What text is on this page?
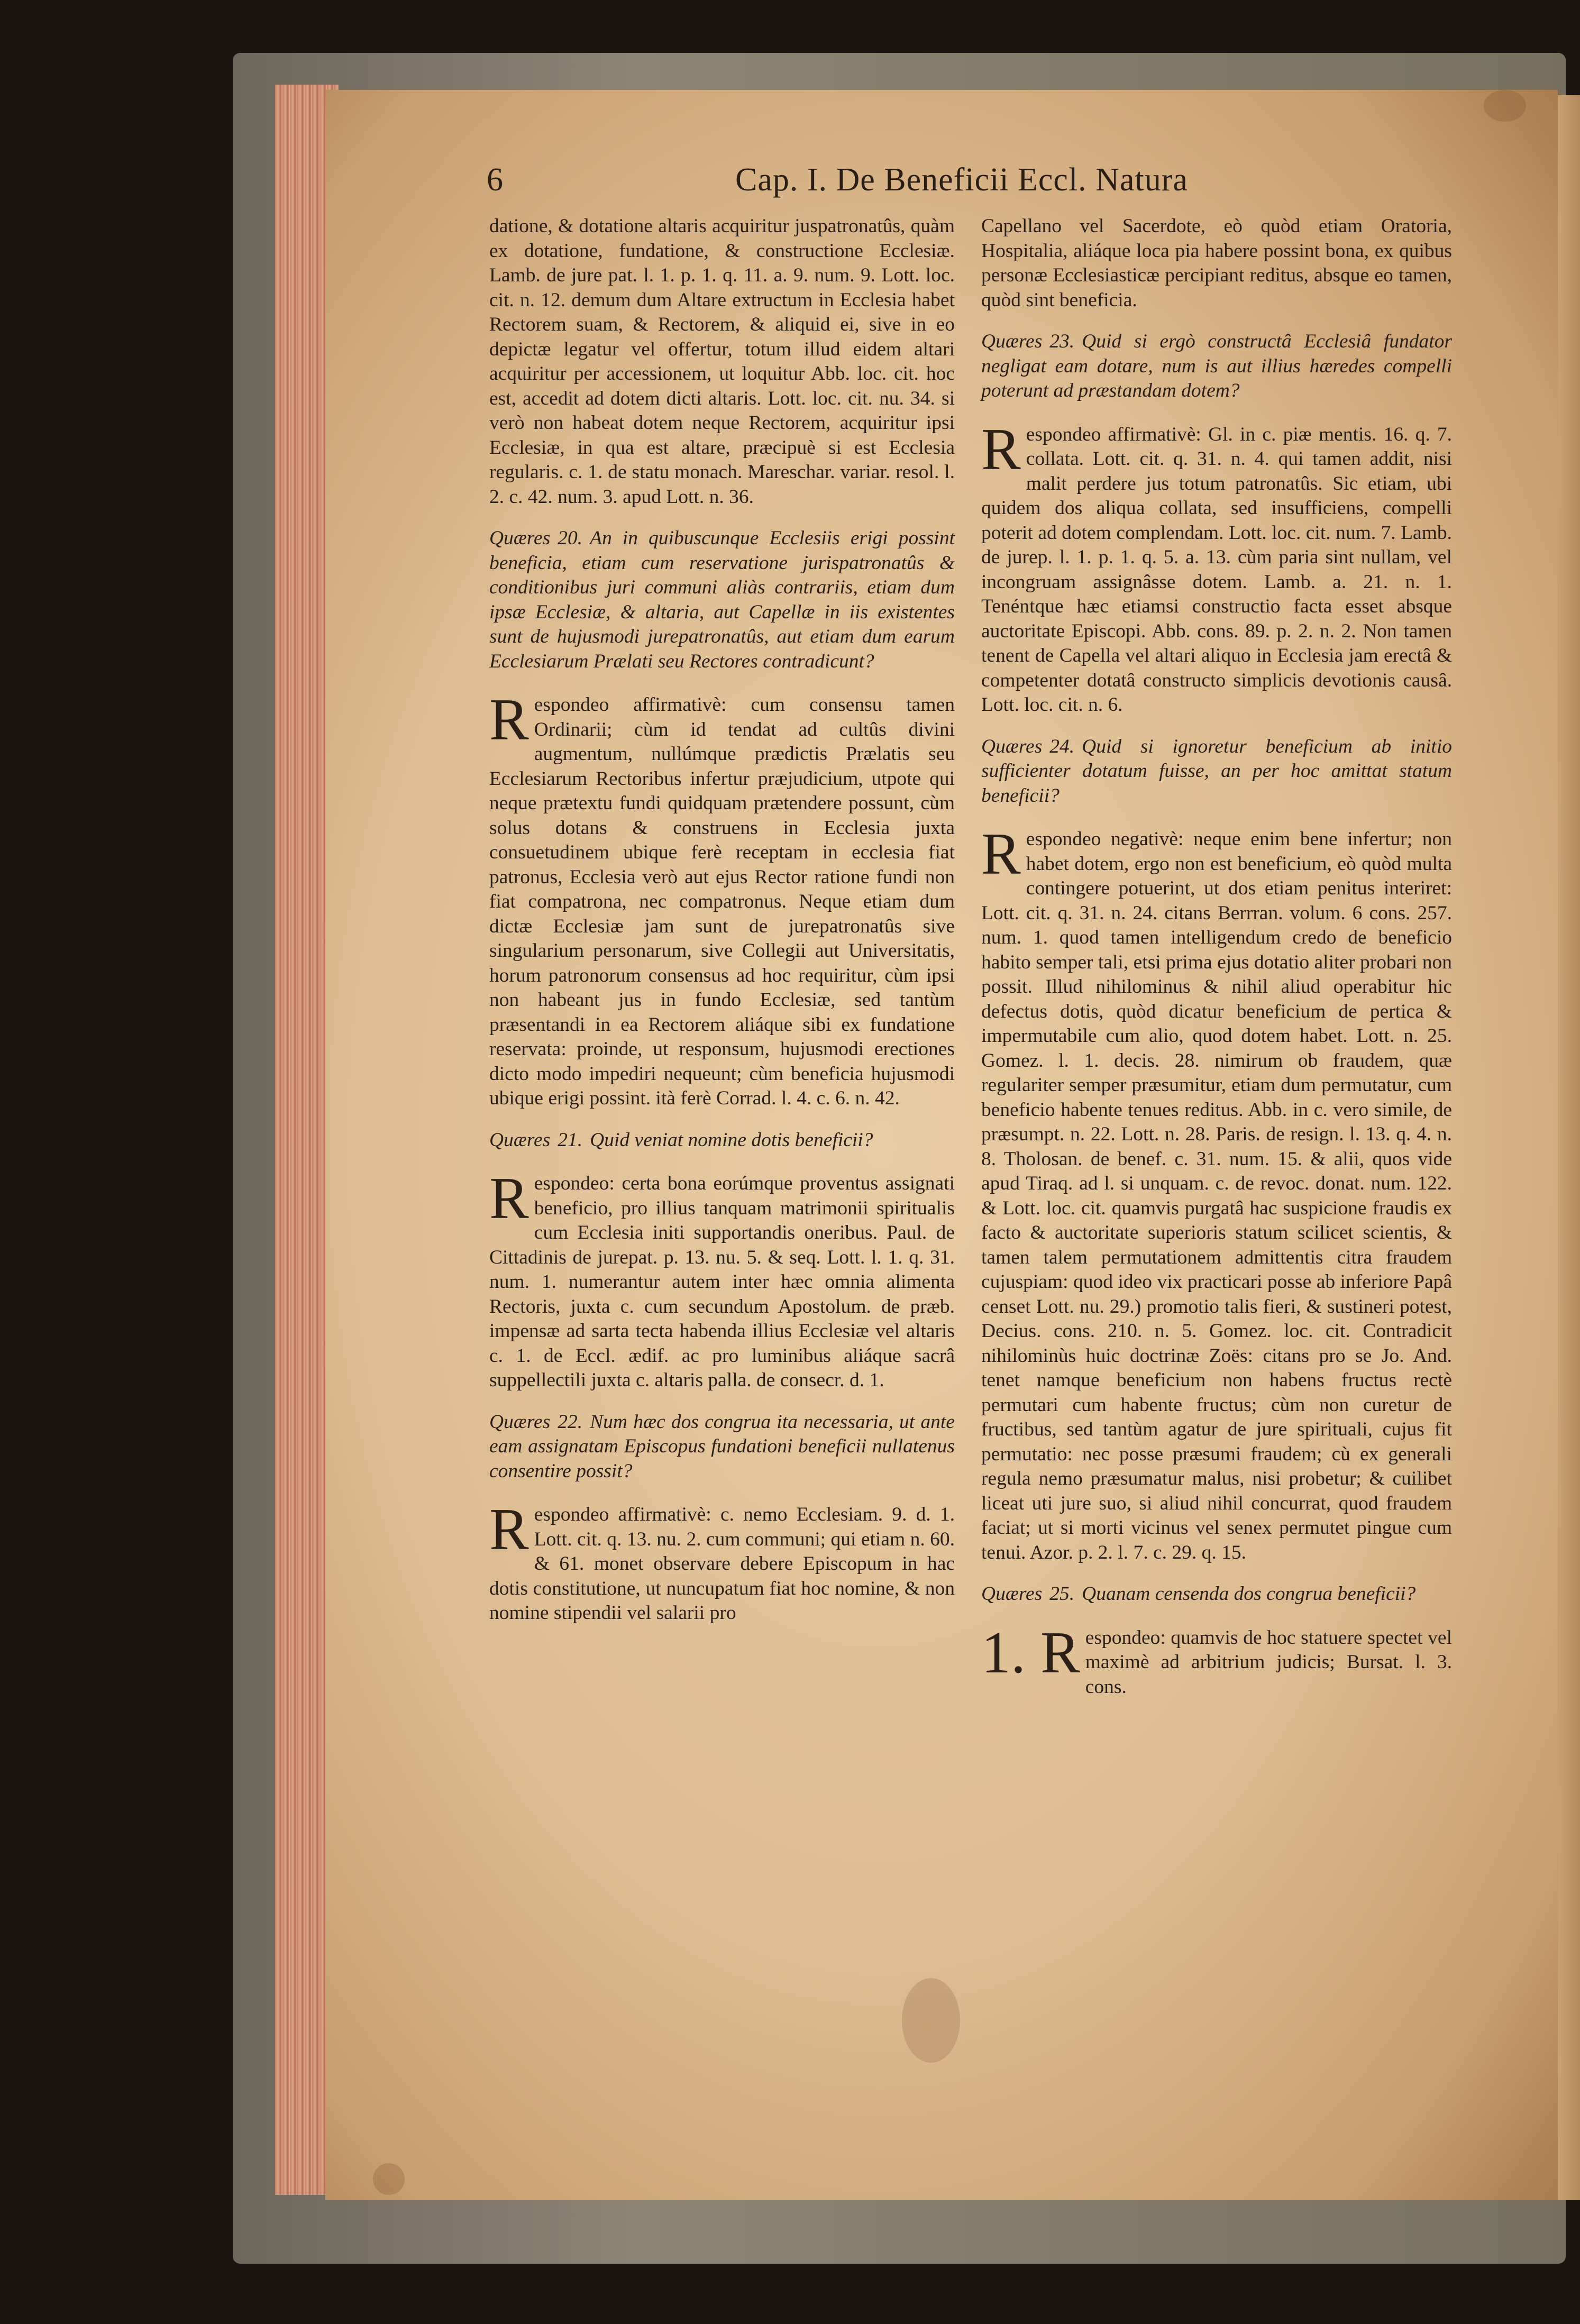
6	Cap. I. De Beneficii Eccl. Natura

datione, & dotatione altaris acquiritur juspatronatûs, quàm ex dotatione, fundatione, & constructione Ecclesiæ. Lamb. de jure pat. l. 1. p. 1. q. 11. a. 9. num. 9. Lott. loc. cit. n. 12. demum dum Altare extructum in Ecclesia habet Rectorem suam, & Rectorem, & aliquid ei, sive in eo depictæ legatur vel offertur, totum illud eidem altari acquiritur per accessionem, ut loquitur Abb. loc. cit. hoc est, accedit ad dotem dicti altaris. Lott. loc. cit. nu. 34. si verò non habeat dotem neque Rectorem, acquiritur ipsi Ecclesiæ, in qua est altare, præcipuè si est Ecclesia regularis. c. 1. de statu monach. Mareschar. variar. resol. l. 2. c. 42. num. 3. apud Lott. n. 36.

Quæres 20. An in quibuscunque Ecclesiis erigi possint beneficia, etiam cum reservatione jurispatronatûs & conditionibus juri communi aliàs contrariis, etiam dum ipsæ Ecclesiæ, & altaria, aut Capellæ in iis existentes sunt de hujusmodi jurepatronatûs, aut etiam dum earum Ecclesiarum Prælati seu Rectores contradicunt?

Respondeo affirmativè: cum consensu tamen Ordinarii; cùm id tendat ad cultûs divini augmentum, nullúmque prædictis Prælatis seu Ecclesiarum Rectoribus infertur præjudicium, utpote qui neque prætextu fundi quidquam prætendere possunt, cùm solus dotans & construens in Ecclesia juxta consuetudinem ubique ferè receptam in ecclesia fiat patronus, Ecclesia verò aut ejus Rector ratione fundi non fiat compatrona, nec compatronus. Neque etiam dum dictæ Ecclesiæ jam sunt de jurepatronatûs sive singularium personarum, sive Collegii aut Universitatis, horum patronorum consensus ad hoc requiritur, cùm ipsi non habeant jus in fundo Ecclesiæ, sed tantùm præsentandi in ea Rectorem aliáque sibi ex fundatione reservata: proinde, ut responsum, hujusmodi erectiones dicto modo impediri nequeunt; cùm beneficia hujusmodi ubique erigi possint. ità ferè Corrad. l. 4. c. 6. n. 42.

Quæres 21. Quid veniat nomine dotis beneficii?

Respondeo: certa bona eorúmque proventus assignati beneficio, pro illius tanquam matrimonii spiritualis cum Ecclesia initi supportandis oneribus. Paul. de Cittadinis de jurepat. p. 13. nu. 5. & seq. Lott. l. 1. q. 31. num. 1. numerantur autem inter hæc omnia alimenta Rectoris, juxta c. cum secundum Apostolum. de præb. impensæ ad sarta tecta habenda illius Ecclesiæ vel altaris c. 1. de Eccl. ædif. ac pro luminibus aliáque sacrâ suppellectili juxta c. altaris palla. de consecr. d. 1.

Quæres 22. Num hæc dos congrua ita necessaria, ut ante eam assignatam Episcopus fundationi beneficii nullatenus consentire possit?

Respondeo affirmativè: c. nemo Ecclesiam. 9. d. 1. Lott. cit. q. 13. nu. 2. cum communi; qui etiam n. 60. & 61. monet observare debere Episcopum in hac dotis constitutione, ut nuncupatum fiat hoc nomine, & non nomine stipendii vel salarii pro

Capellano vel Sacerdote, eò quòd etiam Oratoria, Hospitalia, aliáque loca pia habere possint bona, ex quibus personæ Ecclesiasticæ percipiant reditus, absque eo tamen, quòd sint beneficia.

Quæres 23. Quid si ergò constructâ Ecclesiâ fundator negligat eam dotare, num is aut illius hæredes compelli poterunt ad præstandam dotem?

Respondeo affirmativè: Gl. in c. piæ mentis. 16. q. 7. collata. Lott. cit. q. 31. n. 4. qui tamen addit, nisi malit perdere jus totum patronatûs. Sic etiam, ubi quidem dos aliqua collata, sed insufficiens, compelli poterit ad dotem complendam. Lott. loc. cit. num. 7. Lamb. de jurep. l. 1. p. 1. q. 5. a. 13. cùm paria sint nullam, vel incongruam assignâsse dotem. Lamb. a. 21. n. 1. Tenéntque hæc etiamsi constructio facta esset absque auctoritate Episcopi. Abb. cons. 89. p. 2. n. 2. Non tamen tenent de Capella vel altari aliquo in Ecclesia jam erectâ & competenter dotatâ constructo simplicis devotionis causâ. Lott. loc. cit. n. 6.

Quæres 24. Quid si ignoretur beneficium ab initio sufficienter dotatum fuisse, an per hoc amittat statum beneficii?

Respondeo negativè: neque enim bene infertur; non habet dotem, ergo non est beneficium, eò quòd multa contingere potuerint, ut dos etiam penitus interiret: Lott. cit. q. 31. n. 24. citans Berrran. volum. 6 cons. 257. num. 1. quod tamen intelligendum credo de beneficio habito semper tali, etsi prima ejus dotatio aliter probari non possit. Illud nihilominus & nihil aliud operabitur hic defectus dotis, quòd dicatur beneficium de pertica & impermutabile cum alio, quod dotem habet. Lott. n. 25. Gomez. l. 1. decis. 28. nimirum ob fraudem, quæ regulariter semper præsumitur, etiam dum permutatur, cum beneficio habente tenues reditus. Abb. in c. vero simile, de præsumpt. n. 22. Lott. n. 28. Paris. de resign. l. 13. q. 4. n. 8. Tholosan. de benef. c. 31. num. 15. & alii, quos vide apud Tiraq. ad l. si unquam. c. de revoc. donat. num. 122. & Lott. loc. cit. quamvis purgatâ hac suspicione fraudis ex facto & auctoritate superioris statum scilicet scientis, & tamen talem permutationem admittentis citra fraudem cujuspiam: quod ideo vix practicari posse ab inferiore Papâ censet Lott. nu. 29.) promotio talis fieri, & sustineri potest, Decius. cons. 210. n. 5. Gomez. loc. cit. Contradicit nihilominùs huic doctrinæ Zoës: citans pro se Jo. And. tenet namque beneficium non habens fructus rectè permutari cum habente fructus; cùm non curetur de fructibus, sed tantùm agatur de jure spirituali, cujus fit permutatio: nec posse præsumi fraudem; cù ex generali regula nemo præsumatur malus, nisi probetur; & cuilibet liceat uti jure suo, si aliud nihil concurrat, quod fraudem faciat; ut si morti vicinus vel senex permutet pingue cum tenui. Azor. p. 2. l. 7. c. 29. q. 15.

Quæres 25. Quanam censenda dos congrua beneficii?

1. R espondeo: quamvis de hoc statuere spectet vel maximè ad arbitrium judicis; Bursat. l. 3. cons.
